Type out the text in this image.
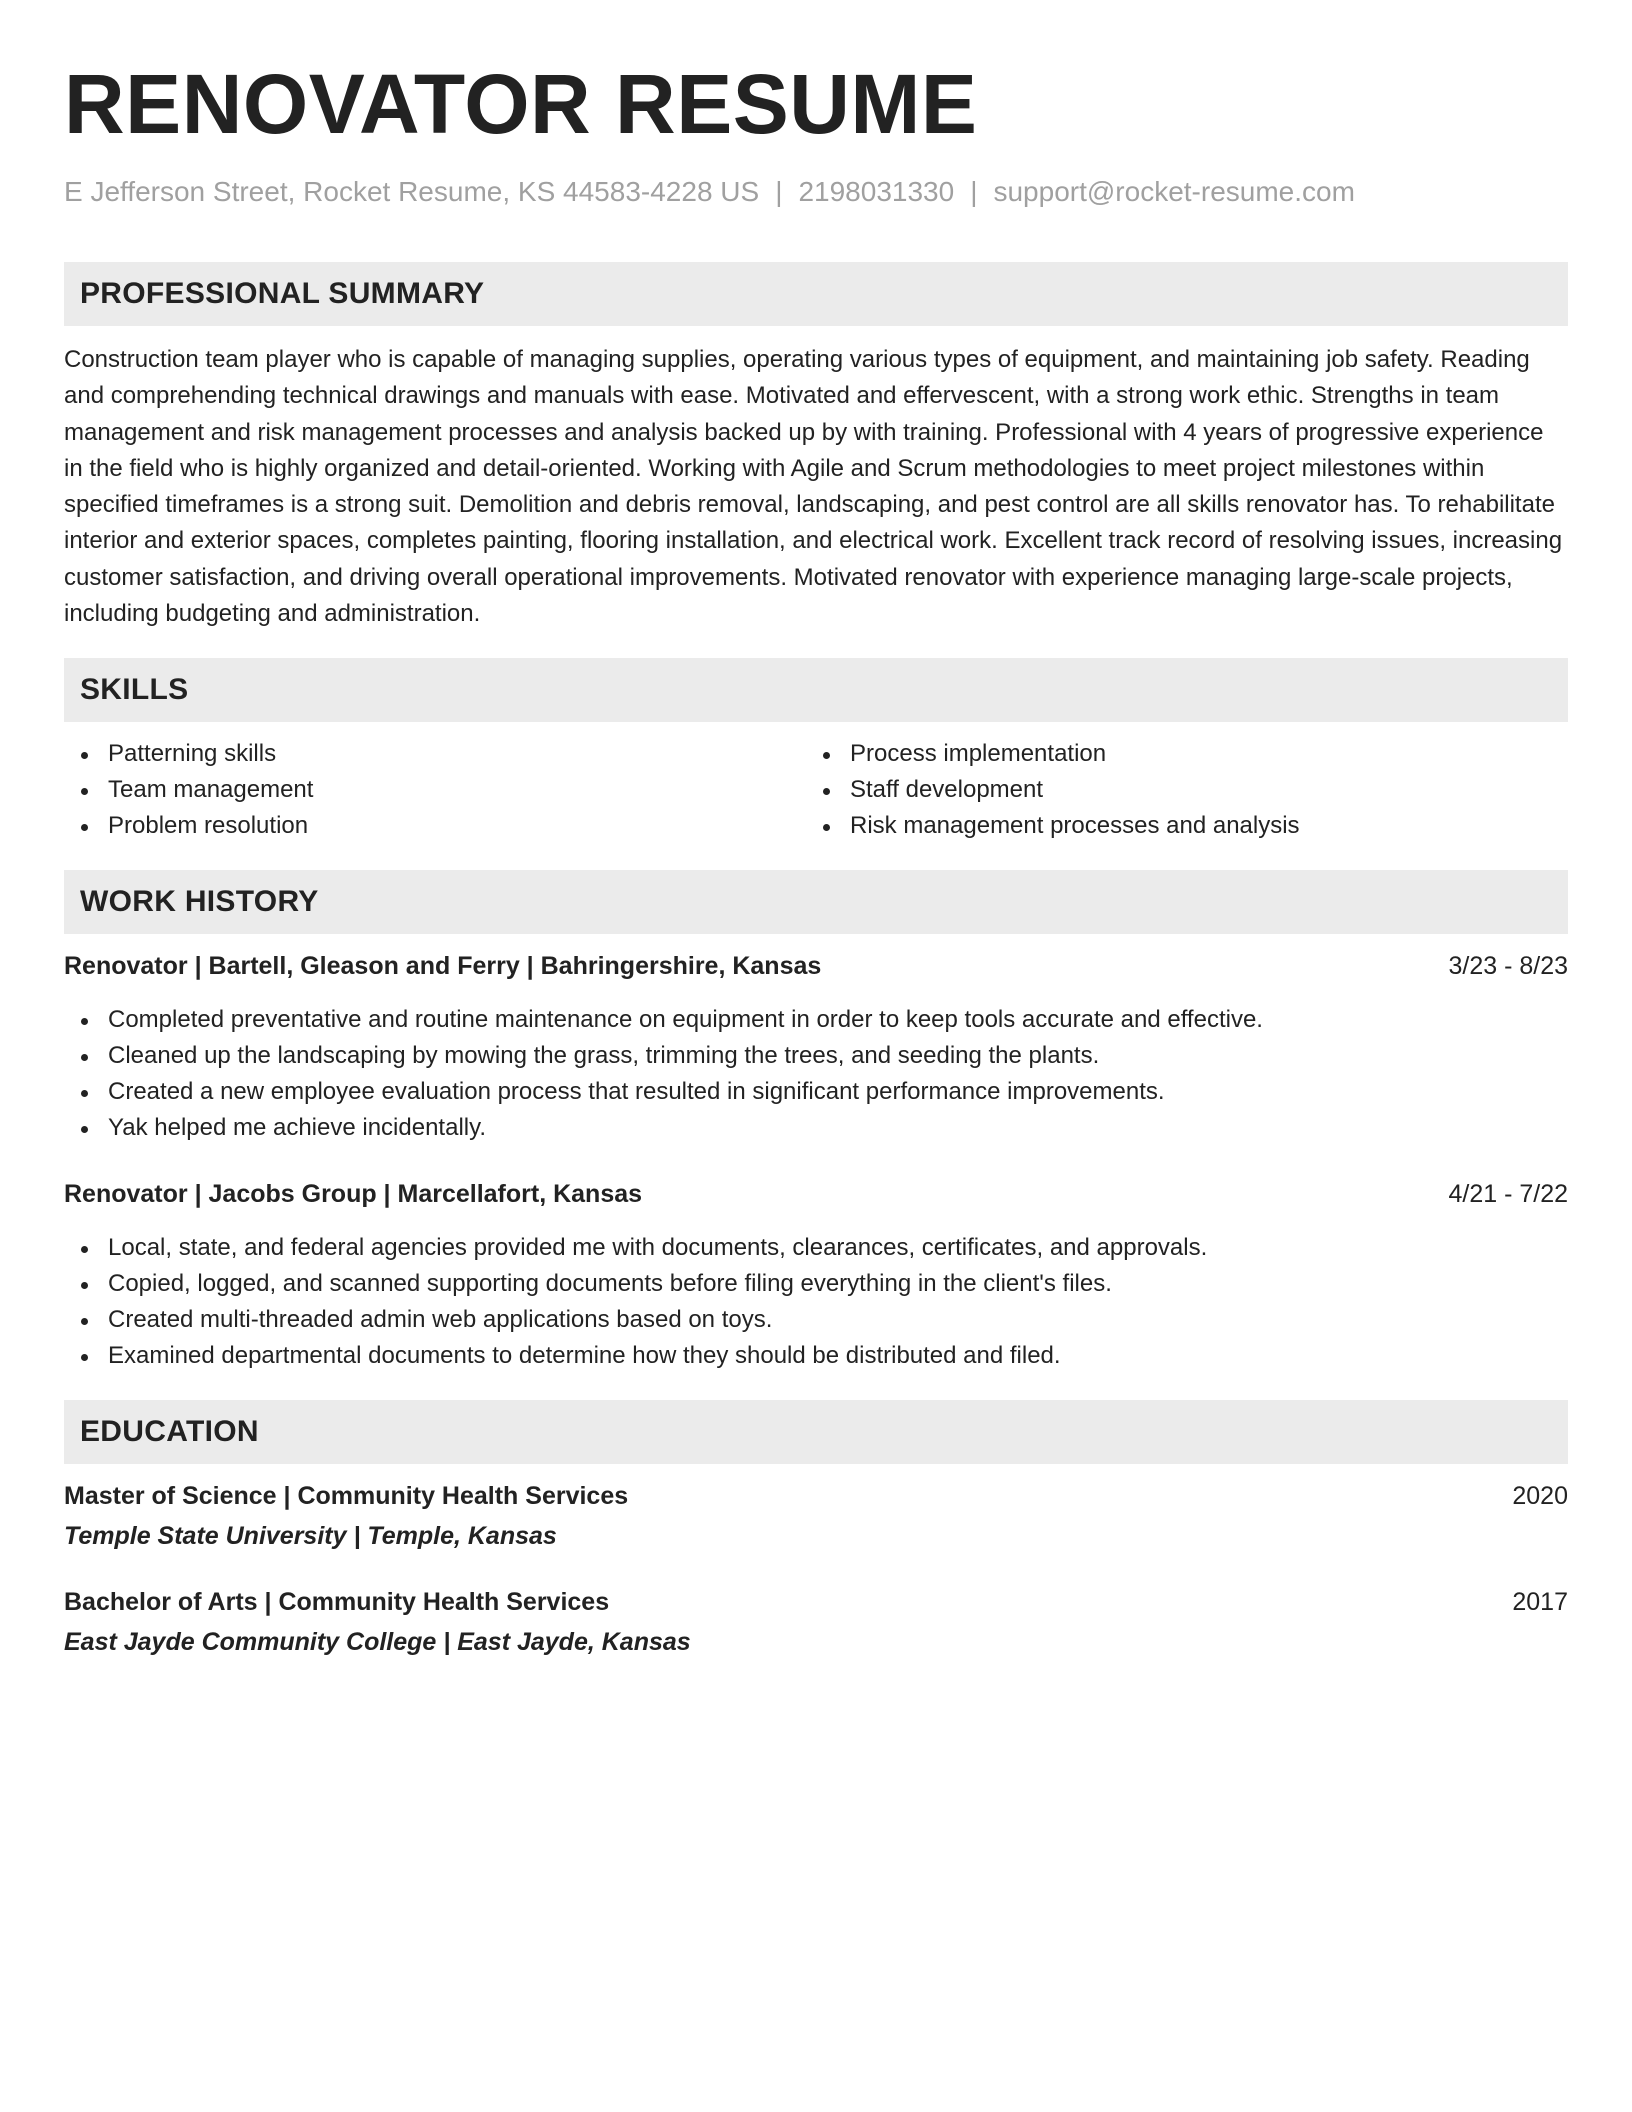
RENOVATOR RESUME
E Jefferson Street, Rocket Resume, KS 44583-4228 US | 2198031330 | support@rocket-resume.com
PROFESSIONAL SUMMARY

Construction team player who is capable of managing supplies, operating various types of equipment, and maintaining job safety. Reading and comprehending technical drawings and manuals with ease. Motivated and effervescent, with a strong work ethic. Strengths in team management and risk management processes and analysis backed up by with training. Professional with 4 years of progressive experience in the field who is highly organized and detail-oriented. Working with Agile and Scrum methodologies to meet project milestones within specified timeframes is a strong suit. Demolition and debris removal, landscaping, and pest control are all skills renovator has. To rehabilitate interior and exterior spaces, completes painting, flooring installation, and electrical work. Excellent track record of resolving issues, increasing customer satisfaction, and driving overall operational improvements. Motivated renovator with experience managing large-scale projects, including budgeting and administration.

SKILLS
Patterning skills
Team management
Problem resolution
Process implementation
Staff development
Risk management processes and analysis
WORK HISTORY
Renovator | Bartell, Gleason and Ferry | Bahringershire, Kansas	3/23 - 8/23
Completed preventative and routine maintenance on equipment in order to keep tools accurate and effective.
Cleaned up the landscaping by mowing the grass, trimming the trees, and seeding the plants.
Created a new employee evaluation process that resulted in significant performance improvements.
Yak helped me achieve incidentally.
Renovator | Jacobs Group | Marcellafort, Kansas	4/21 - 7/22
Local, state, and federal agencies provided me with documents, clearances, certificates, and approvals.
Copied, logged, and scanned supporting documents before filing everything in the client's files.
Created multi-threaded admin web applications based on toys.
Examined departmental documents to determine how they should be distributed and filed.
EDUCATION
Master of Science | Community Health Services	2020
Temple State University | Temple, Kansas
Bachelor of Arts | Community Health Services	2017
East Jayde Community College | East Jayde, Kansas
